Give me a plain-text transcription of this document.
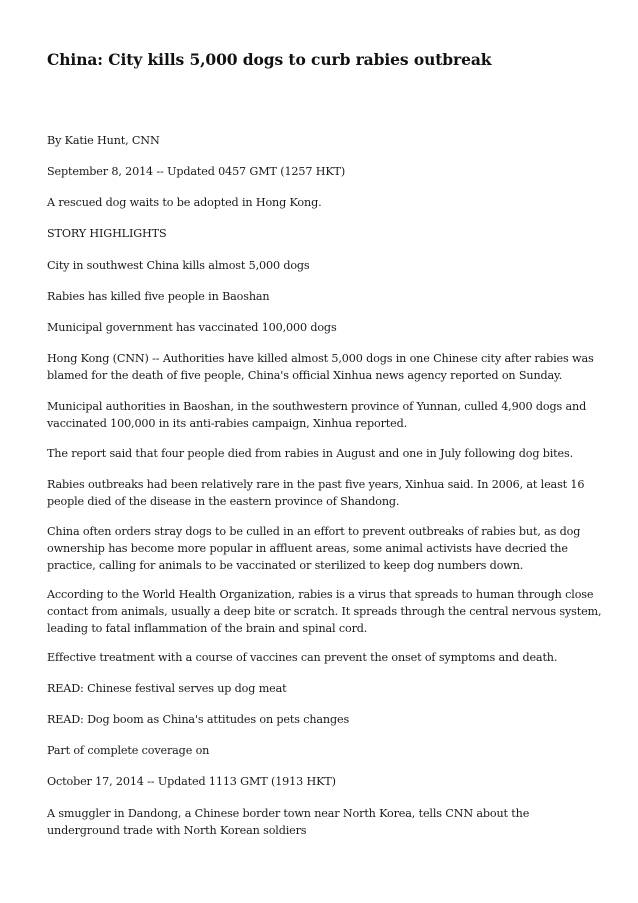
China: City kills 5,000 dogs to curb rabies outbreak

By Katie Hunt, CNN

September 8, 2014 -- Updated 0457 GMT (1257 HKT)

A rescued dog waits to be adopted in Hong Kong.

STORY HIGHLIGHTS

City in southwest China kills almost 5,000 dogs

Rabies has killed five people in Baoshan

Municipal government has vaccinated 100,000 dogs

Hong Kong (CNN) -- Authorities have killed almost 5,000 dogs in one Chinese city after rabies was blamed for the death of five people, China's official Xinhua news agency reported on Sunday.

Municipal authorities in Baoshan, in the southwestern province of Yunnan, culled 4,900 dogs and vaccinated 100,000 in its anti-rabies campaign, Xinhua reported.

The report said that four people died from rabies in August and one in July following dog bites.

Rabies outbreaks had been relatively rare in the past five years, Xinhua said. In 2006, at least 16 people died of the disease in the eastern province of Shandong.

China often orders stray dogs to be culled in an effort to prevent outbreaks of rabies but, as dog ownership has become more popular in affluent areas, some animal activists have decried the practice, calling for animals to be vaccinated or sterilized to keep dog numbers down.

According to the World Health Organization, rabies is a virus that spreads to human through close contact from animals, usually a deep bite or scratch. It spreads through the central nervous system, leading to fatal inflammation of the brain and spinal cord.

Effective treatment with a course of vaccines can prevent the onset of symptoms and death.

READ: Chinese festival serves up dog meat

READ: Dog boom as China's attitudes on pets changes

Part of complete coverage on

October 17, 2014 -- Updated 1113 GMT (1913 HKT)

A smuggler in Dandong, a Chinese border town near North Korea, tells CNN about the underground trade with North Korean soldiers
